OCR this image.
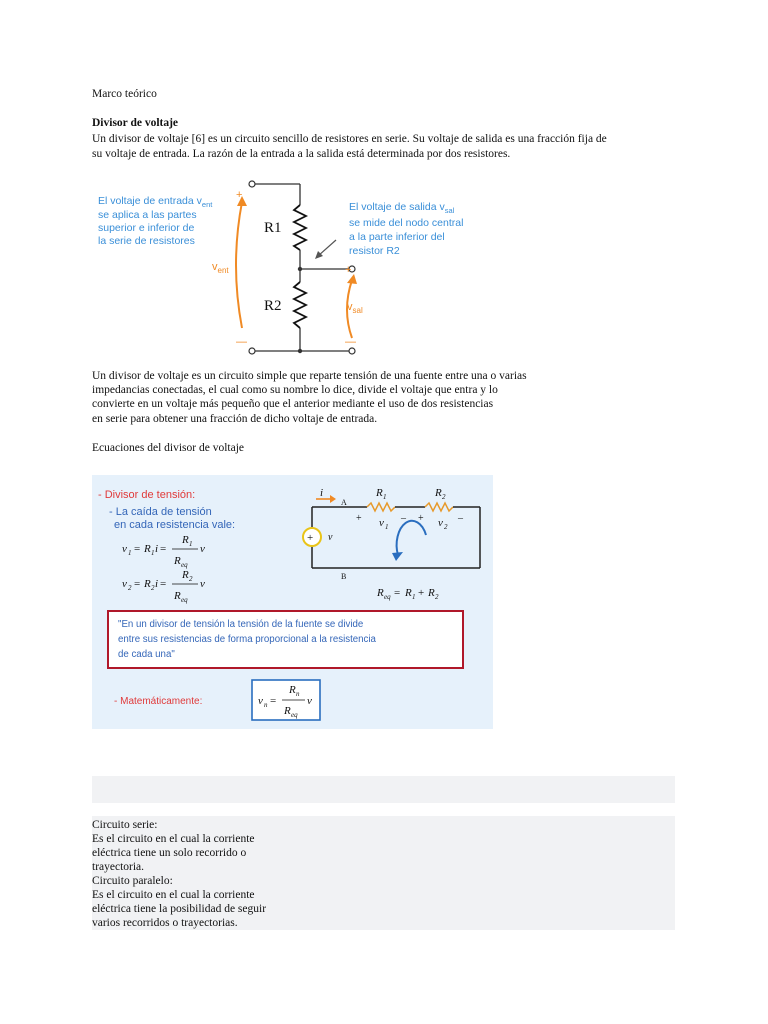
Marco teórico
Divisor de voltaje
Un divisor de voltaje [6] es un circuito sencillo de resistores en serie. Su voltaje de salida es una fracción fija de
su voltaje de entrada. La razón de la entrada a la salida está determinada por dos resistores.
R1
R2
+
—
+
—
$v_{ent}$
$v_{sal}$
El voltaje de entrada $v_{ent}$
se aplica a las partes
superior e inferior de
la serie de resistores
El voltaje de salida $v_{sal}$
se mide del nodo central
a la parte inferior del
resistor R2
Un divisor de voltaje es un circuito simple que reparte tensión de una fuente entre una o varias
impedancias conectadas, el cual como su nombre lo dice, divide el voltaje que entra y lo
convierte en un voltaje más pequeño que el anterior mediante el uso de dos resistencias
en serie para obtener una fracción de dicho voltaje de entrada.
Ecuaciones del divisor de voltaje
- Divisor de tensión:
- La caída de tensión
en cada resistencia vale:
v 1 = R 1 i =
R 1
R eq
v
v 2 = R 2 i =
R 2
R eq
v
+
i
A
B
v
R 1	R 2
+	– +	–
v 1	v 2
R eq = R 1 + R 2
"En un divisor de tensión la tensión de la fuente se divide
entre sus resistencias de forma proporcional a la resistencia
de cada una"
- Matemáticamente:	v n =
R n
R eq
v
Circuito serie:
Es el circuito en el cual la corriente
eléctrica tiene un solo recorrido o
trayectoria.
Circuito paralelo:
Es el circuito en el cual la corriente
eléctrica tiene la posibilidad de seguir
varios recorridos o trayectorias.
